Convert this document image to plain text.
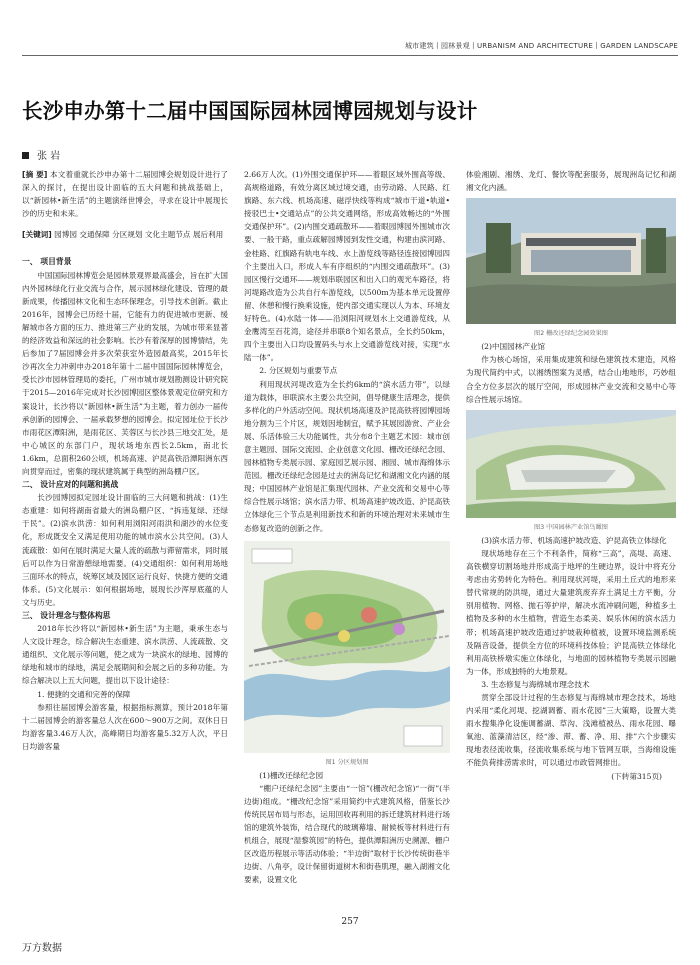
城市建筑丨园林景观丨URBANISM AND ARCHITECTURE丨GARDEN LANDSCAPE
长沙申办第十二届中国国际园林园博园规划与设计
张 岩

[摘 要] 本文着重就长沙申办第十二届园博会规划设计进行了深入的探讨，在提出设计面临的五大问题和挑战基础上，以“新园林•新生活”的主题演绎世博会，寻求在设计中展现长沙的历史和未来。

[关键词] 园博园 交通保障 分区规划 文化主题节点 展后利用

一、 项目背景

中国国际园林博览会是园林景观界最高盛会，旨在扩大国内外园林绿化行业交流与合作，展示园林绿化建设、管理的最新成果，传播园林文化和生态环保理念，引导技术创新。截止2016年，园博会已历经十届，它能有力的促进城市更新、缓解城市各方面的压力、推进第三产业的发展，为城市带来显著的经济效益和深远的社会影响。长沙有着深厚的园博情结，先后参加了7届园博会并多次荣获室外造园最高奖，2015年长沙再次全力冲刺申办2018年第十二届中国国际园林博览会，受长沙市园林管理局的委托，广州市城市规划勘测设计研究院于2015—2016年完成对长沙园博园区整体景观定位研究和方案设计，长沙将以“新园林•新生活”为主题，着力创办一届传承创新的园博会、一届承载梦想的园博会。拟定园址位于长沙市雨花区潭阳洲，是雨花区、芙蓉区与长沙县三地交汇处，是中心城区的东部门户，现状场地东西长2.5km，南北长1.6km，总面积260公顷，机场高速、沪昆高铁沿潭阳洲东西向贯穿而过，密集的现状建筑属于典型的洲岛棚户区。

二、 设计应对的问题和挑战

长沙园博园拟定园址设计面临的三大问题和挑战：(1)生态重建：如何将湖南省最大的洲岛棚户区、“拆违复绿、还绿于民”。(2)滨水洪涝：如何利用浏阳河雨洪和湖沙的水位变化，形成既安全又满足使用功能的城市滨水公共空间。(3)人流疏散：如何在展时满足大量人流的疏散与滞留需求，同时展后可以作为日常游憩绿地需要。(4)交通组织：如何利用场地三面环水的特点，统筹区域及园区运行良好、快捷方便的交通体系。(5)文化展示：如何根据场地，展现长沙浑厚底蕴的人文与历史。

三、 设计理念与整体构思

2018年长沙将以“新园林•新生活”为主题，秉承生态与人文设计理念，综合解决生态重建、滨水洪涝、人流疏散、交通组织、文化展示等问题，使之成为一块滨水的绿地、园博的绿地和城市的绿地，满足会展期间和会展之后的多种功能。为综合解决以上五大问题，提出以下设计途径：

1. 便捷的交通和完善的保障

参照往届园博会游客量，根据指标测算，预计2018年第十二届园博会的游客量总人次在600～900万之间。双休日日均游客量3.46万人次，高峰期日均游客量5.32万人次，平日日均游客量

2.66万人次。(1)外围交通保护环——着眼区域外围高等级、高规格道路，有效分离区域过境交通，由劳动路、人民路、红旗路、东六线、机场高速、磁浮快线等构成“城市干道•轨道•接驳巴士•交通站点”的公共交通网络，形成高效畅达的“外围交通保护环”。(2)内围交通疏散环——着眼园博园外围城市次要、一般干路，重点疏解园博园到发性交通，构建由滨河路、金桂路、红旗路有轨电车线、水上游览线等路径连接园博园四个主要出入口，形成人车有序组织的“内围交通疏散环”。(3)园区慢行交通环——规划串联园区和出入口的观光车路径，将河堤路改造为公共自行车游览线，以500m为基本单元设置停留、休憩和慢行换乘设施，使内部交通实现以人为本、环境友好特色。(4)水陆一体——沿浏阳河规划水上交通游览线，从金鹰湾至百花湾，途径并串联8个知名景点，全长约50km，四个主要出入口均设置码头与水上交通游览线对接，实现“水陆一体”。

2. 分区规划与重要节点

利用现状河堤改造为全长约6km的“滨水活力带”，以绿道为载体，串联滨水主要公共空间，倡导健康生活理念，提供多样化的户外活动空间。现状机场高速及沪昆高铁将园博园场地分割为三个片区，规划因地制宜，赋予其展园游赏、产业会展、乐活体验三大功能属性，共分布8个主题艺术园：城市创意主题园、国际交流园、企业创意文化园、栅改还绿纪念园、园林植物专类展示园、家庭园艺展示园、湘园、城市海绵体示范园。栅改还绿纪念园是过去的洲岛记忆和湖湘文化内涵的展现；中国园林产业馆是汇集现代园林、产业交流和交易中心等综合性展示场馆；滨水活力带、机场高速护坡改造、沪昆高铁立体绿化三个节点是利用新技术和新的环境治理对未来城市生态修复改造的创新之作。

图1 分区规划图
(1)栅改还绿纪念园

“棚户还绿纪念园”主要由“一馆”(栅改纪念馆)“一街”(半边街)组成。“栅改纪念馆”采用简约中式建筑风格，借鉴长沙传统民居布局与形态，运用回收再利用的拆迁建筑材料进行场馆的建筑外装饰，结合现代的玻璃幕墙、耐候板等材料进行有机组合，展现“湿黎筑园”的特色，提供潭阳洲历史溯源、栅户区改造历程展示等活动体验；“半边街”取材于长沙传统街巷半边街、八角亭，设计保留街道树木和街巷肌理，融入湖湘文化要素，设置文化

体验湘剧、湘绣、龙灯、餐饮等配套服务，展现洲岛记忆和湖湘文化内涵。

图2 栅改还绿纪念园效果图
(2)中国园林产业馆

作为核心场馆，采用集成建筑和绿色建筑技术建造，风格为现代简约中式，以湘绣图案为灵感，结合山地地形，巧妙组合全方位多层次的展厅空间，形成园林产业交流和交易中心等综合性展示场馆。

图3 中国园林产业馆鸟瞰图
(3)滨水活力带、机场高速护坡改造、沪昆高铁立体绿化

现状场地存在三个不利条件，简称“三高”，高堤、高速、高铁横穿切割场地并形成高于地坪的生硬边界，设计中将充分考虑由劣势转化为特色。利用现状河堤，采用土丘式的地形来替代常规的防洪堤，通过大量建筑废弃弃土满足土方平衡，分别用植物、网格、抛石等护岸，解决水流冲刷问题，种植多土植物及多种的水生植物，营造生态柔美、娱乐休闲的滨水活力带；机场高速护坡改造通过护坡栽种植被，设置环境监测系统及隔音设备，提供全方位的环境科技体验；沪昆高铁立体绿化利用高铁桥墩实施立体绿化，与地面的园林植物专类展示园融为一体，形成独特的大地景观。

3. 生态修复与海绵城市理念技术

贯穿全部设计过程的生态修复与海绵城市理念技术，场地内采用“柔化河堤、挖湖调蓄、雨水花园”三大策略，设置大类雨水搜集净化设施调蓄湖、草沟、浅滩植被丛、雨水花园、曝氧池、蓝藻清洁区，经“渗、滞、蓄、净、用、排”六个步骤实现地表径流收集，径流收集系统与地下管网互联，当海绵设施不能负荷排涝需求时，可以通过市政管网排出。

(下转第315页)
257
万方数据
